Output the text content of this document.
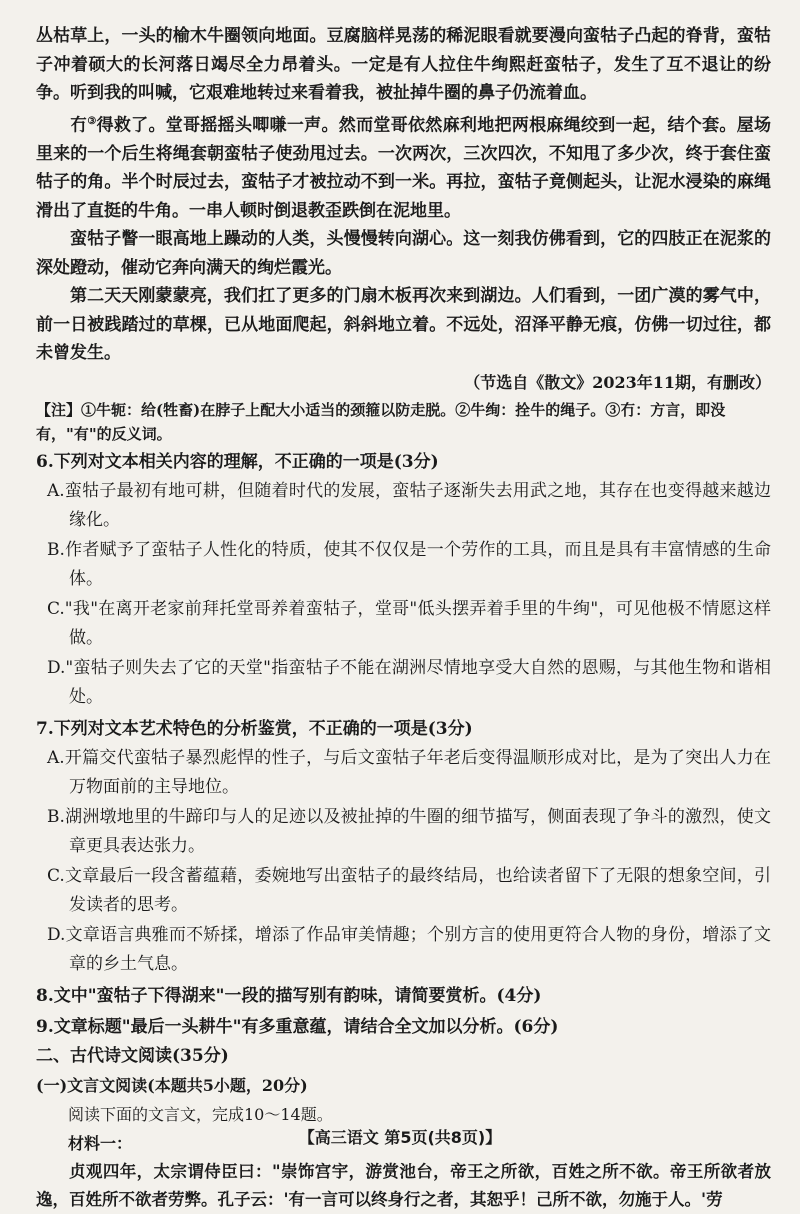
丛枯草上，一头的榆木牛圈领向地面。豆腐脑样晃荡的稀泥眼看就要漫向蛮牯子凸起的脊背，蛮牯子冲着硕大的长河落日竭尽全力昂着头。一定是有人拉住牛绚熙赶蛮牯子，发生了互不退让的纷争。听到我的叫喊，它艰难地转过来看着我，被扯掉牛圈的鼻子仍流着血。

冇③得救了。堂哥摇摇头唧嗛一声。然而堂哥依然麻利地把两根麻绳绞到一起，结个套。屋场里来的一个后生将绳套朝蛮牯子使劲甩过去。一次两次，三次四次，不知甩了多少次，终于套住蛮牯子的角。半个时辰过去，蛮牯子才被拉动不到一米。再拉，蛮牯子竟侧起头，让泥水浸染的麻绳滑出了直挺的牛角。一串人顿时倒退教歪跌倒在泥地里。

蛮牯子瞥一眼高地上躁动的人类，头慢慢转向湖心。这一刻我仿佛看到，它的四肢正在泥浆的深处蹬动，催动它奔向满天的绚烂霞光。

第二天天刚蒙蒙亮，我们扛了更多的门扇木板再次来到湖边。人们看到，一团广漠的雾气中，前一日被践踏过的草棵，已从地面爬起，斜斜地立着。不远处，沼泽平静无痕，仿佛一切过往，都未曾发生。

（节选自《散文》2023年11期，有删改）

【注】①牛轭：给(牲畜)在脖子上配大小适当的颈箍以防走脱。②牛绚：拴牛的绳子。③冇：方言，即没有，"有"的反义词。

6.下列对文本相关内容的理解，不正确的一项是(3分)

A.蛮牯子最初有地可耕，但随着时代的发展，蛮牯子逐渐失去用武之地，其存在也变得越来越边缘化。

B.作者赋予了蛮牯子人性化的特质，使其不仅仅是一个劳作的工具，而且是具有丰富情感的生命体。

C."我"在离开老家前拜托堂哥养着蛮牯子，堂哥"低头摆弄着手里的牛绚"，可见他极不情愿这样做。

D."蛮牯子则失去了它的天堂"指蛮牯子不能在湖洲尽情地享受大自然的恩赐，与其他生物和谐相处。

7.下列对文本艺术特色的分析鉴赏，不正确的一项是(3分)

A.开篇交代蛮牯子暴烈彪悍的性子，与后文蛮牯子年老后变得温顺形成对比，是为了突出人力在万物面前的主导地位。

B.湖洲墩地里的牛蹄印与人的足迹以及被扯掉的牛圈的细节描写，侧面表现了争斗的激烈，使文章更具表达张力。

C.文章最后一段含蓄蕴藉，委婉地写出蛮牯子的最终结局，也给读者留下了无限的想象空间，引发读者的思考。

D.文章语言典雅而不矫揉，增添了作品审美情趣；个别方言的使用更符合人物的身份，增添了文章的乡土气息。

8.文中"蛮牯子下得湖来"一段的描写别有韵味，请简要赏析。(4分)

9.文章标题"最后一头耕牛"有多重意蕴，请结合全文加以分析。(6分)

二、古代诗文阅读(35分)

(一)文言文阅读(本题共5小题，20分)

阅读下面的文言文，完成10～14题。

材料一：

贞观四年，太宗谓侍臣曰："崇饰宫宇，游赏池台，帝王之所欲，百姓之所不欲。帝王所欲者放逸，百姓所不欲者劳弊。孔子云：'有一言可以终身行之者，其恕乎！己所不欲，勿施于人。'劳

【高三语文 第5页(共8页)】
